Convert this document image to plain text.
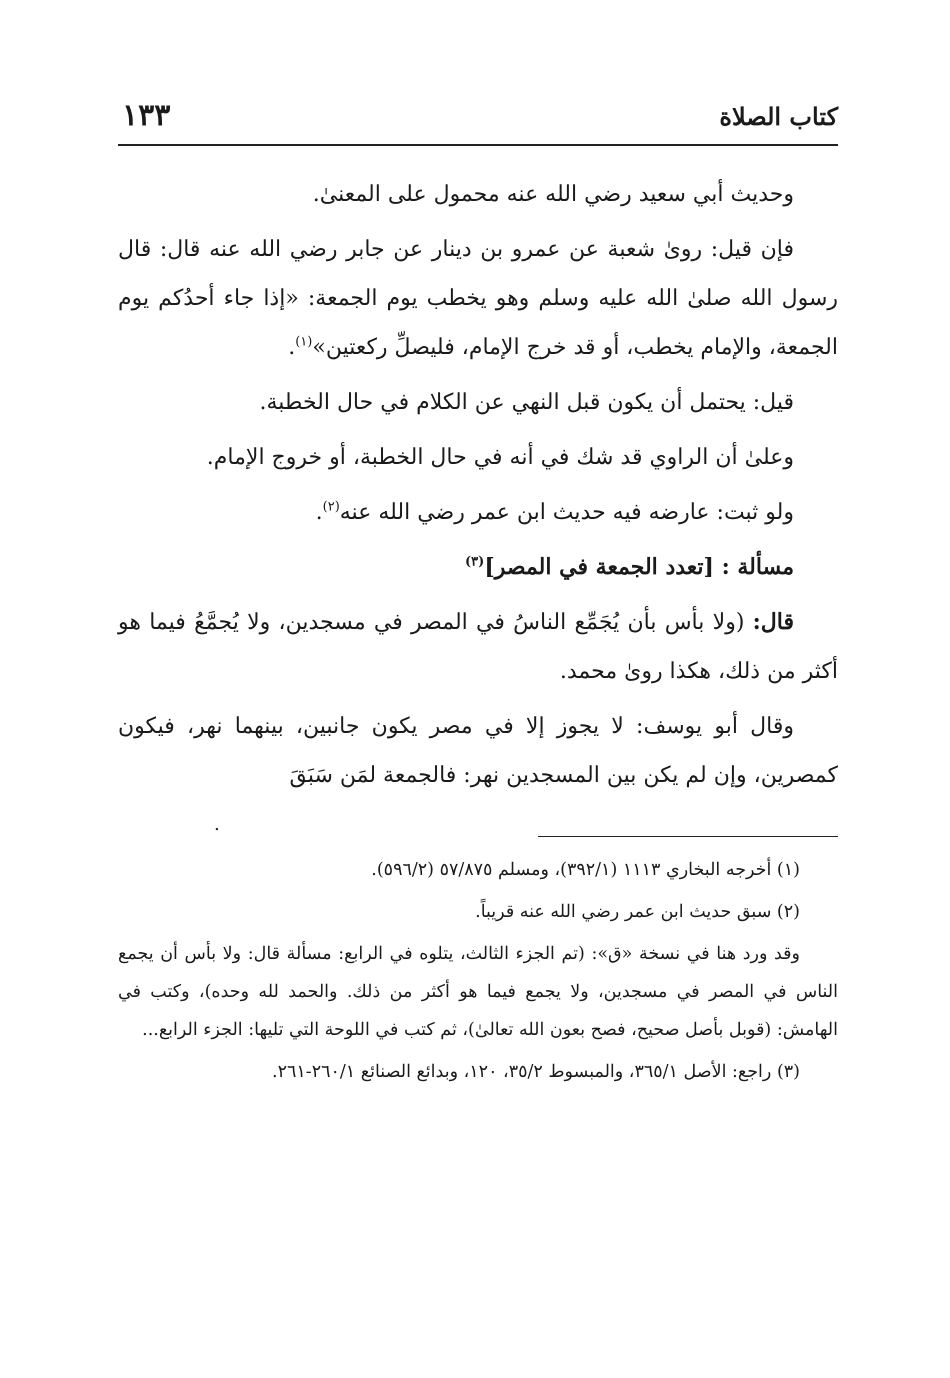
كتاب الصلاة
١٣٣

وحديث أبي سعيد رضي الله عنه محمول على المعنىٰ.

فإن قيل: روىٰ شعبة عن عمرو بن دينار عن جابر رضي الله عنه قال: قال رسول الله صلىٰ الله عليه وسلم وهو يخطب يوم الجمعة: «إذا جاء أحدُكم يوم الجمعة، والإمام يخطب، أو قد خرج الإمام، فليصلِّ ركعتين»$^{(١)}$.

قيل: يحتمل أن يكون قبل النهي عن الكلام في حال الخطبة.

وعلىٰ أن الراوي قد شك في أنه في حال الخطبة، أو خروج الإمام.

ولو ثبت: عارضه فيه حديث ابن عمر رضي الله عنه$^{(٢)}$.

مسألة : [تعدد الجمعة في المصر]$^{(٣)}$

قال: (ولا بأس بأن يُجَمِّع الناسُ في المصر في مسجدين، ولا يُجمَّعُ فيما هو أكثر من ذلك، هكذا روىٰ محمد.

وقال أبو يوسف: لا يجوز إلا في مصر يكون جانبين، بينهما نهر، فيكون كمصرين، وإن لم يكن بين المسجدين نهر: فالجمعة لمَن سَبَقَ

.

(١) أخرجه البخاري ١١١٣ (٣٩٢/١)، ومسلم ٥٧/٨٧٥ (٥٩٦/٢).

(٢) سبق حديث ابن عمر رضي الله عنه قريباً.

وقد ورد هنا في نسخة «ق»: (تم الجزء الثالث، يتلوه في الرابع: مسألة قال: ولا بأس أن يجمع الناس في المصر في مسجدين، ولا يجمع فيما هو أكثر من ذلك. والحمد لله وحده)، وكتب في الهامش: (قوبل بأصل صحيح، فصح بعون الله تعالىٰ)، ثم كتب في اللوحة التي تليها: الجزء الرابع...

(٣) راجع: الأصل ٣٦٥/١، والمبسوط ٣٥/٢، ١٢٠، وبدائع الصنائع ٢٦٠/١-٢٦١.
